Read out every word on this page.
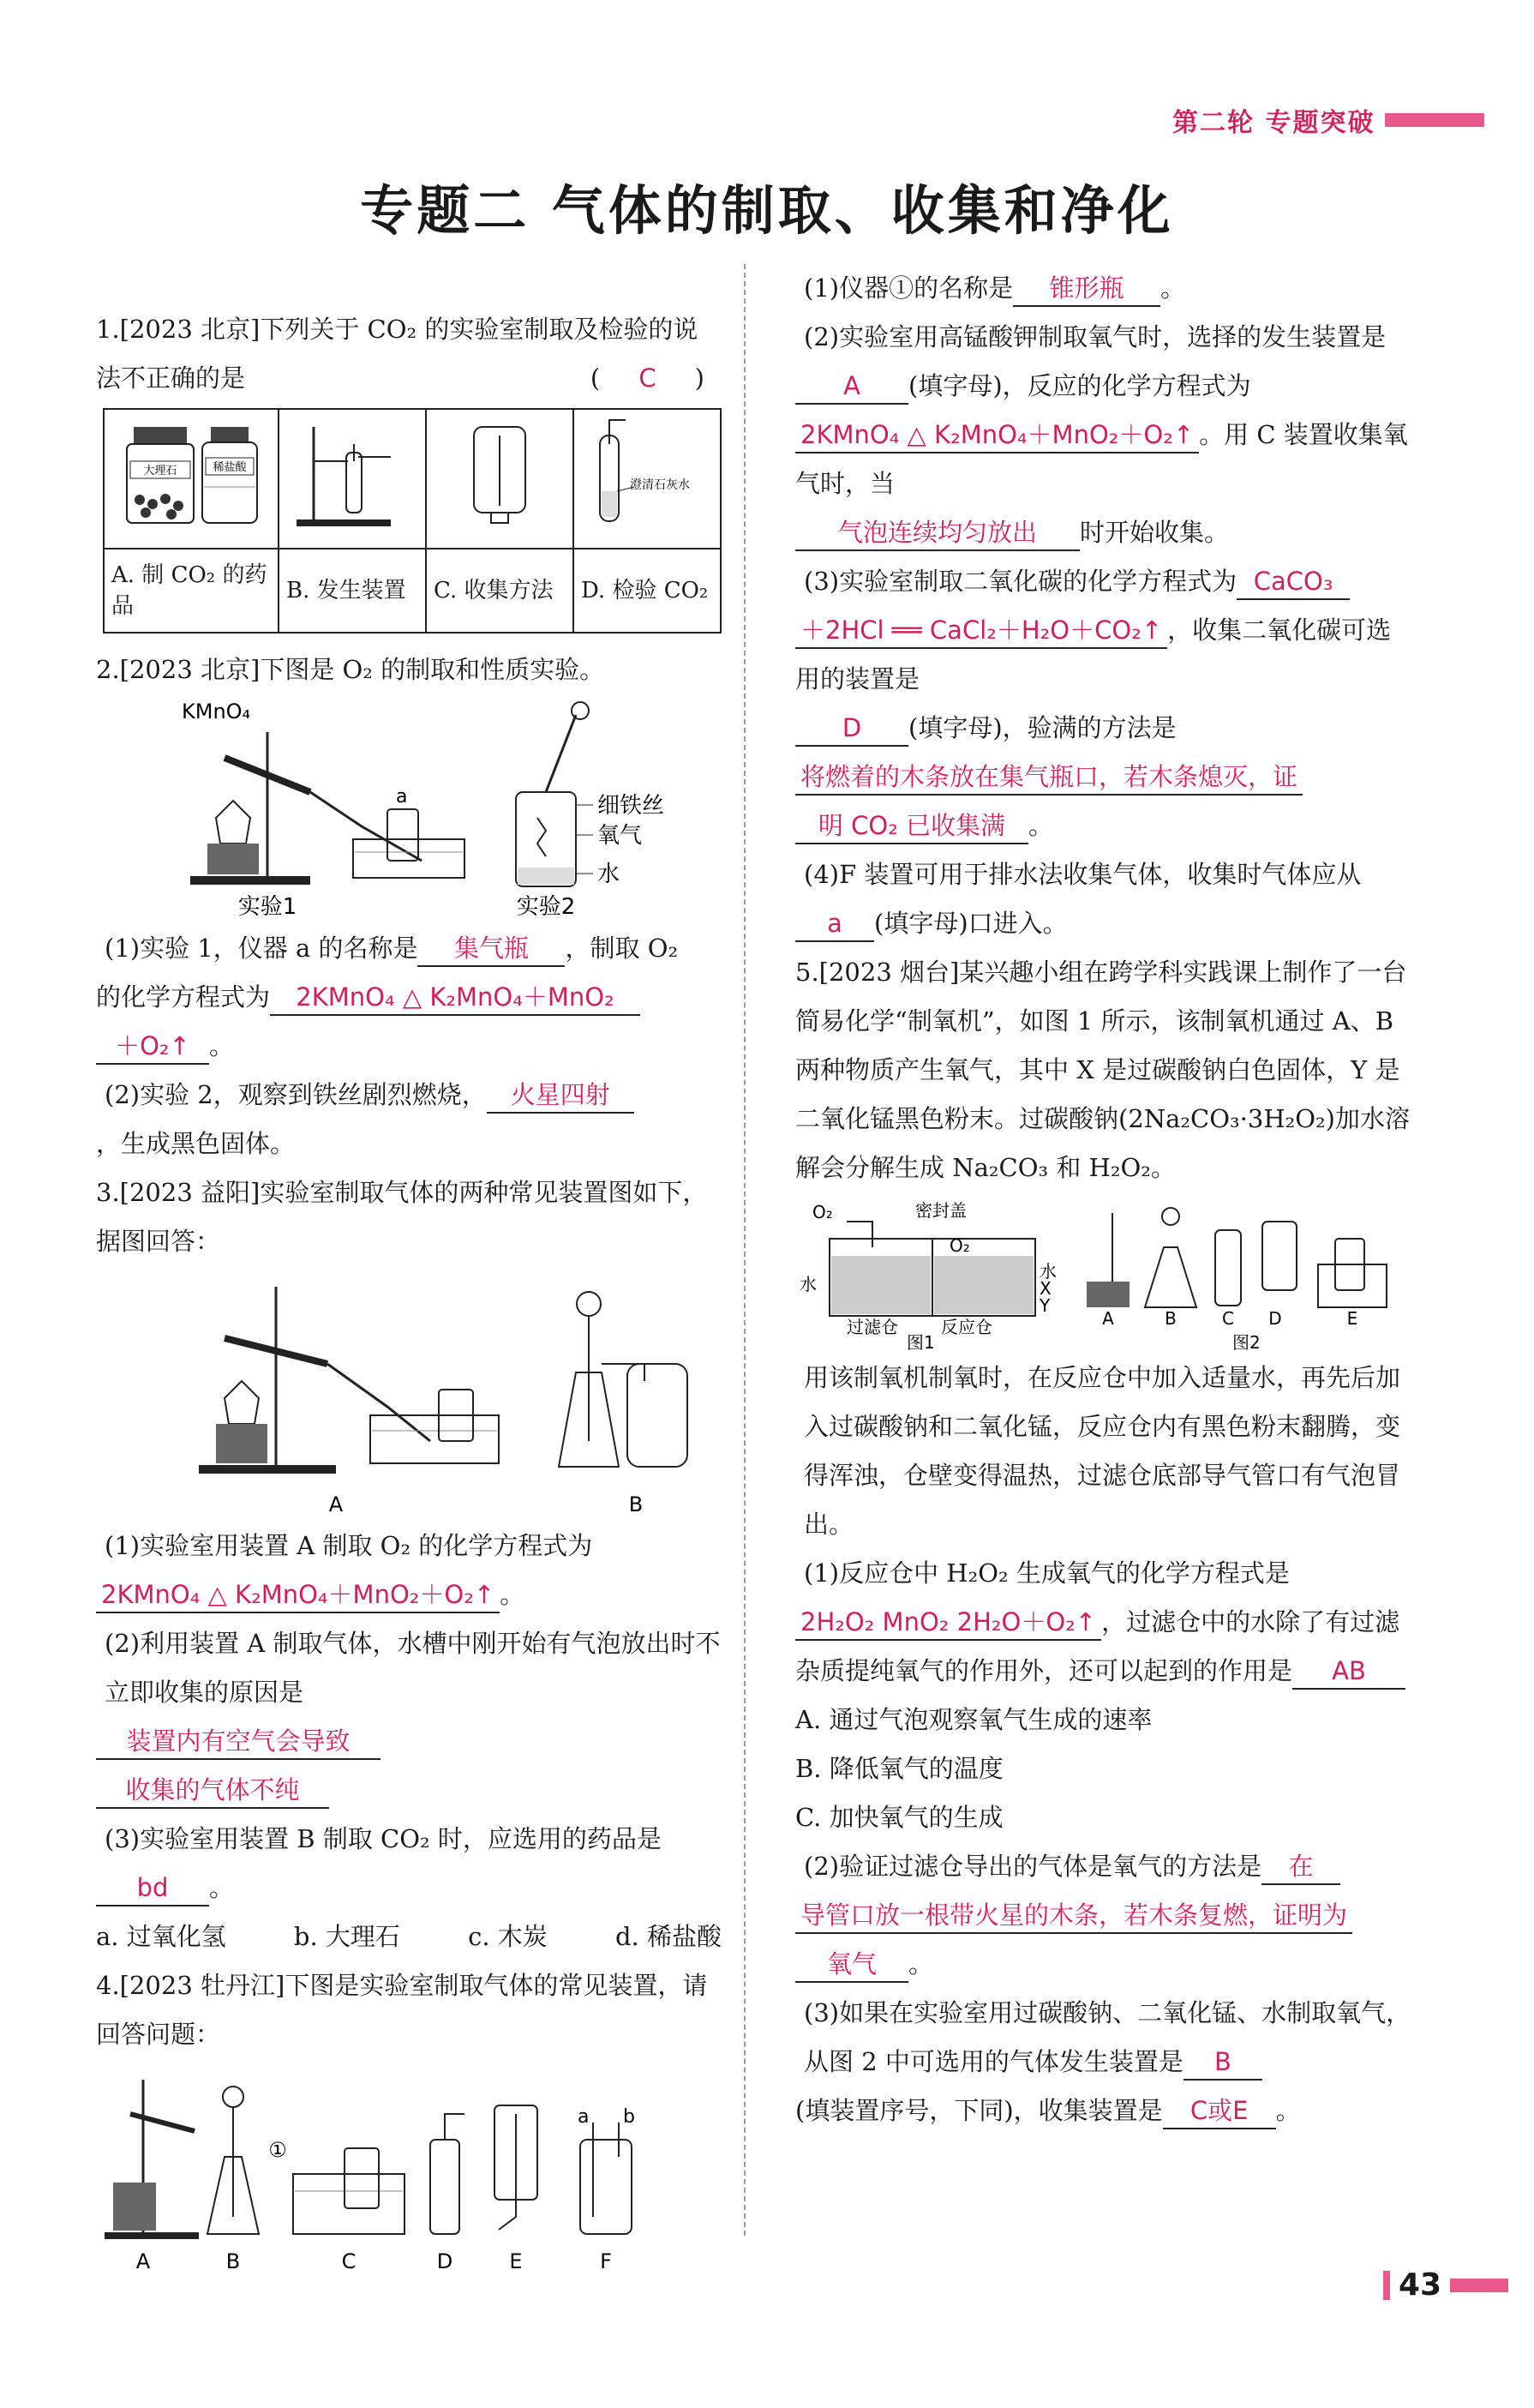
第二轮 专题突破
专题二 气体的制取、收集和净化

1.[2023 北京]下列关于 CO₂ 的实验室制取及检验的说法不正确的是	( C )

大理石 稀盐酸			澄清石灰水

A. 制 CO₂ 的药品	B. 发生装置	C. 收集方法	D. 检验 CO₂

2.[2023 北京]下图是 O₂ 的制取和性质实验。

KMnO₄
a
实验1
细铁丝
氧气
水
实验2

(1)实验 1，仪器 a 的名称是 集气瓶 ，制取 O₂

的化学方程式为 2KMnO₄ △ K₂MnO₄＋MnO₂

＋O₂↑ 。

(2)实验 2，观察到铁丝剧烈燃烧， 火星四射

，生成黑色固体。

3.[2023 益阳]实验室制取气体的两种常见装置图如下，据图回答：

A	B

(1)实验室用装置 A 制取 O₂ 的化学方程式为

2KMnO₄ △ K₂MnO₄＋MnO₂＋O₂↑ 。

(2)利用装置 A 制取气体，水槽中刚开始有气泡放出时不立即收集的原因是

装置内有空气会导致

收集的气体不纯

(3)实验室用装置 B 制取 CO₂ 时，应选用的药品是

bd 。

a. 过氧化氢	b. 大理石	c. 木炭	d. 稀盐酸

4.[2023 牡丹江]下图是实验室制取气体的常见装置，请回答问题：

A
①
B	C	D	E
a b
F

(1)仪器①的名称是 锥形瓶 。

(2)实验室用高锰酸钾制取氧气时，选择的发生装置是

A (填字母)，反应的化学方程式为

2KMnO₄ △ K₂MnO₄＋MnO₂＋O₂↑ 。用 C 装置收集氧气时，当

气泡连续均匀放出 时开始收集。

(3)实验室制取二氧化碳的化学方程式为 CaCO₃

＋2HCl ══ CaCl₂＋H₂O＋CO₂↑ ，收集二氧化碳可选用的装置是

D (填字母)，验满的方法是

将燃着的木条放在集气瓶口，若木条熄灭，证

明 CO₂ 已收集满 。

(4)F 装置可用于排水法收集气体，收集时气体应从

a (填字母)口进入。

5.[2023 烟台]某兴趣小组在跨学科实践课上制作了一台简易化学“制氧机”，如图 1 所示，该制氧机通过 A、B 两种物质产生氧气，其中 X 是过碳酸钠白色固体，Y 是二氧化锰黑色粉末。过碳酸钠(2Na₂CO₃·3H₂O₂)加水溶解会分解生成 Na₂CO₃ 和 H₂O₂。

O₂	密封盖
O₂
水
水
X
Y
过滤仓	反应仓
图1
A	B	C D	E
图2

用该制氧机制氧时，在反应仓中加入适量水，再先后加入过碳酸钠和二氧化锰，反应仓内有黑色粉末翻腾，变得浑浊，仓壁变得温热，过滤仓底部导气管口有气泡冒出。

(1)反应仓中 H₂O₂ 生成氧气的化学方程式是

2H₂O₂ MnO₂ 2H₂O＋O₂↑ ，过滤仓中的水除了有过滤杂质提纯氧气的作用外，还可以起到的作用是 AB

A. 通过气泡观察氧气生成的速率

B. 降低氧气的温度

C. 加快氧气的生成

(2)验证过滤仓导出的气体是氧气的方法是 在

导管口放一根带火星的木条，若木条复燃，证明为

氧气 。

(3)如果在实验室用过碳酸钠、二氧化锰、水制取氧气，从图 2 中可选用的气体发生装置是 B

(填装置序号，下同)，收集装置是 C或E 。

43
